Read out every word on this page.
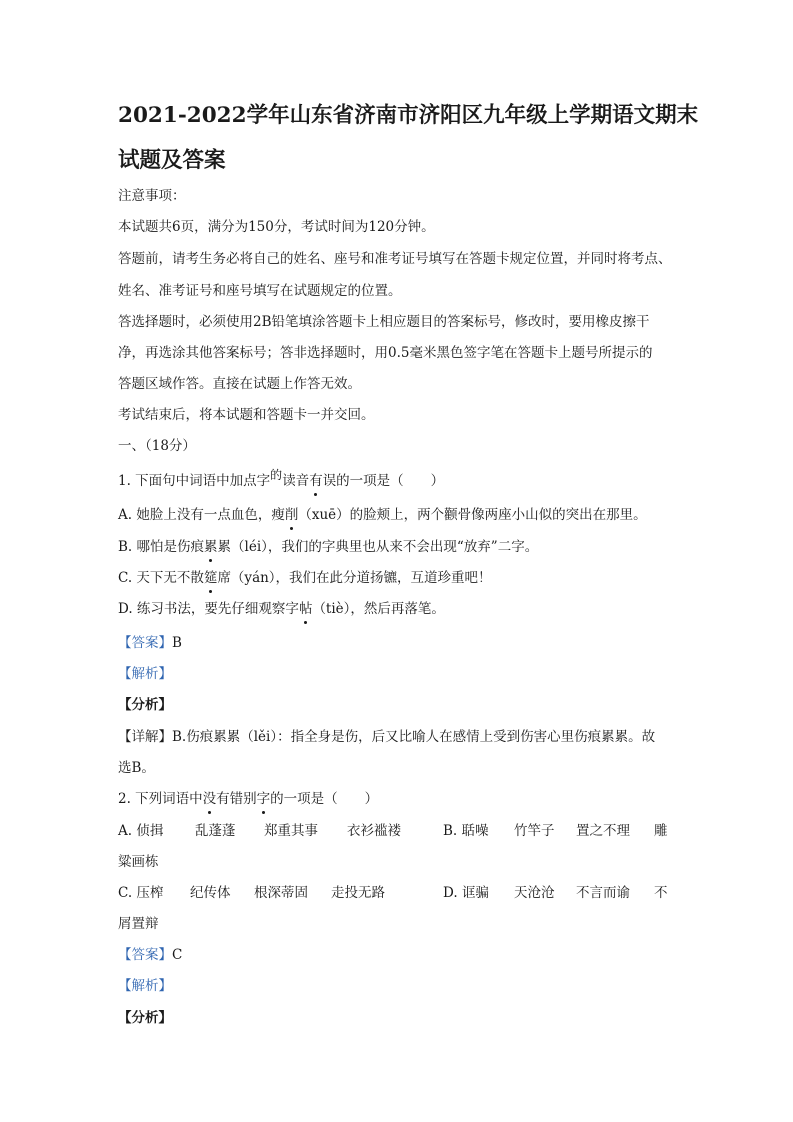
2021-2022学年山东省济南市济阳区九年级上学期语文期末
试题及答案
注意事项：
本试题共6页，满分为150分，考试时间为120分钟。
答题前，请考生务必将自己的姓名、座号和准考证号填写在答题卡规定位置，并同时将考点、
姓名、准考证号和座号填写在试题规定的位置。
答选择题时，必须使用2B铅笔填涂答题卡上相应题目的答案标号，修改时，要用橡皮擦干
净，再选涂其他答案标号；答非选择题时，用0.5毫米黑色签字笔在答题卡上题号所提示的
答题区域作答。直接在试题上作答无效。
考试结束后，将本试题和答题卡一并交回。
一、（18分）
1. 下面句中词语中加点字的读音有误的一项是（　　）
A. 她脸上没有一点血色，瘦削（xuē）的脸颊上，两个颧骨像两座小山似的突出在那里。
B. 哪怕是伤痕累累（léi），我们的字典里也从来不会出现“放弃”二字。
C. 天下无不散筵席（yán），我们在此分道扬镳，互道珍重吧！
D. 练习书法，要先仔细观察字帖（tiè），然后再落笔。
【答案】B
【解析】
【分析】
【详解】B.伤痕累累（lěi）：指全身是伤，后又比喻人在感情上受到伤害心里伤痕累累。故
选B。
2. 下列词语中没有错别字的一项是（　　）
A. 侦揖 乱蓬蓬 郑重其事 衣衫褴褛	B. 聒噪 竹竿子 置之不理 雕
粱画栋
C. 压榨 纪传体 根深蒂固 走投无路	D. 诓骗 天沧沧 不言而谕 不
屑置辩
【答案】C
【解析】
【分析】
